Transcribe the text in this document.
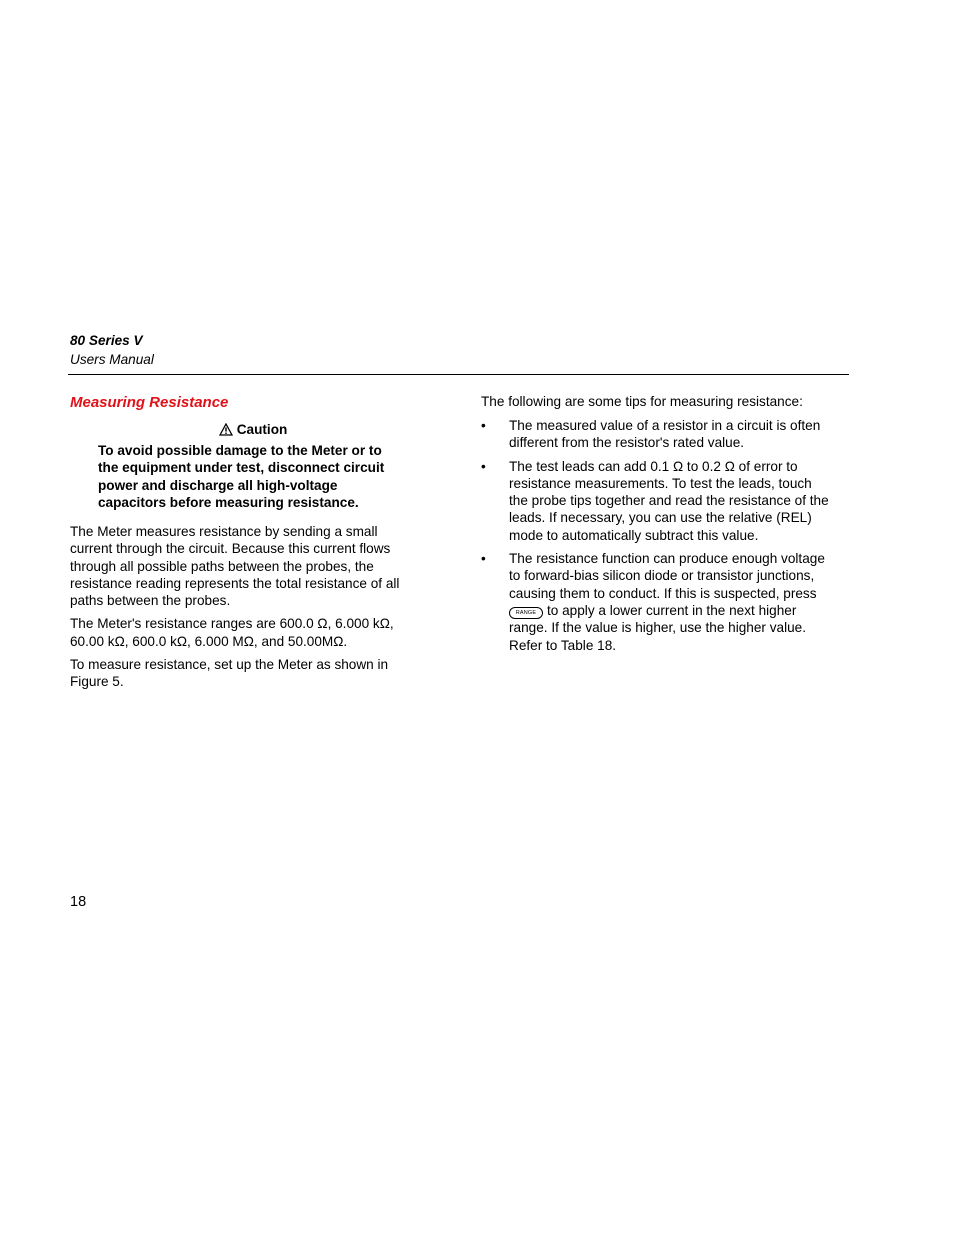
80 Series V
Users Manual
Measuring Resistance
Caution
To avoid possible damage to the Meter or to
the equipment under test, disconnect circuit
power and discharge all high-voltage
capacitors before measuring resistance.

The Meter measures resistance by sending a small
current through the circuit. Because this current flows
through all possible paths between the probes, the
resistance reading represents the total resistance of all
paths between the probes.

The Meter's resistance ranges are 600.0 Ω, 6.000 kΩ,
60.00 kΩ, 600.0 kΩ, 6.000 MΩ, and 50.00MΩ.

To measure resistance, set up the Meter as shown in
Figure 5.

The following are some tips for measuring resistance:
• The measured value of a resistor in a circuit is often
different from the resistor's rated value.
• The test leads can add 0.1 Ω to 0.2 Ω of error to
resistance measurements. To test the leads, touch
the probe tips together and read the resistance of the
leads. If necessary, you can use the relative (REL)
mode to automatically subtract this value.
• The resistance function can produce enough voltage
to forward-bias silicon diode or transistor junctions,
causing them to conduct. If this is suspected, press
RANGE to apply a lower current in the next higher
range. If the value is higher, use the higher value.
Refer to Table 18.
18
